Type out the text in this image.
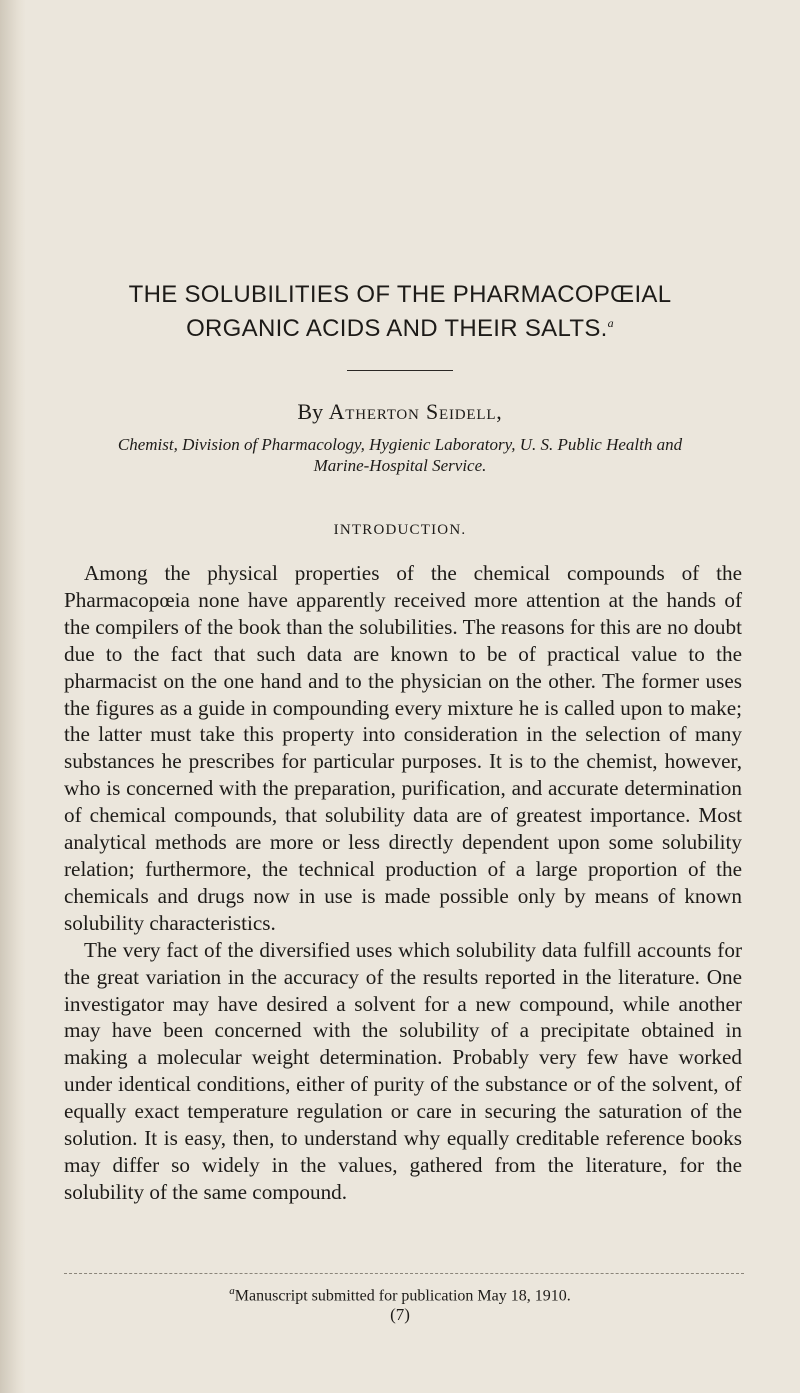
THE SOLUBILITIES OF THE PHARMACOPŒIAL
ORGANIC ACIDS AND THEIR SALTS.$^a$
By Atherton Seidell,
Chemist, Division of Pharmacology, Hygienic Laboratory, U. S. Public Health and
Marine-Hospital Service.
INTRODUCTION.

Among the physical properties of the chemical compounds of the Pharmacopœia none have apparently received more attention at the hands of the compilers of the book than the solubilities. The reasons for this are no doubt due to the fact that such data are known to be of practical value to the pharmacist on the one hand and to the physician on the other. The former uses the figures as a guide in compounding every mixture he is called upon to make; the latter must take this property into consideration in the selection of many substances he prescribes for particular purposes. It is to the chemist, however, who is concerned with the preparation, purification, and accurate determination of chemical compounds, that solubility data are of greatest importance. Most analytical methods are more or less directly dependent upon some solubility relation; furthermore, the technical production of a large proportion of the chemicals and drugs now in use is made possible only by means of known solubility characteristics.

The very fact of the diversified uses which solubility data fulfill accounts for the great variation in the accuracy of the results reported in the literature. One investigator may have desired a solvent for a new compound, while another may have been concerned with the solubility of a precipitate obtained in making a molecular weight determination. Probably very few have worked under identical conditions, either of purity of the substance or of the solvent, of equally exact temperature regulation or care in securing the saturation of the solution. It is easy, then, to understand why equally creditable reference books may differ so widely in the values, gathered from the literature, for the solubility of the same compound.

$^a$Manuscript submitted for publication May 18, 1910.
(7)
